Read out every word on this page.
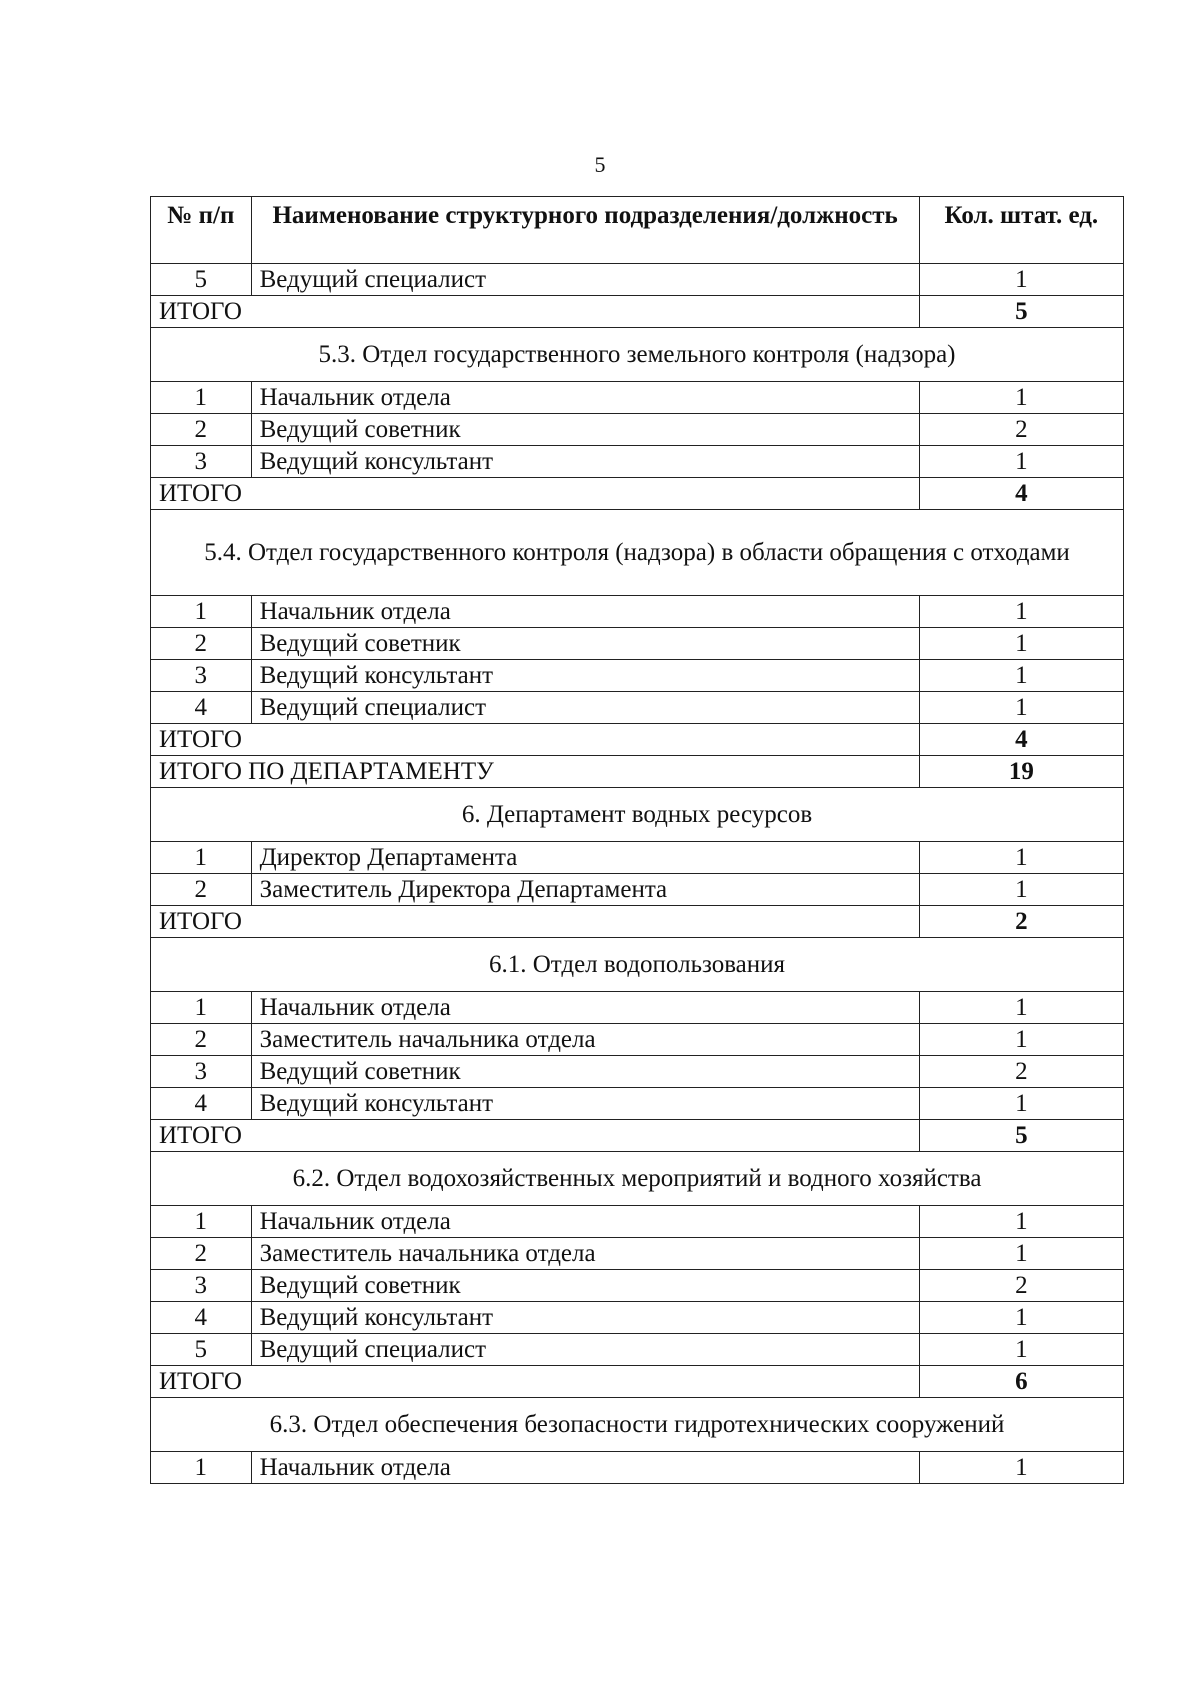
5
№ п/п	Наименование структурного подразделения/должность	Кол. штат. ед.
5	Ведущий специалист	1
ИТОГО		5
5.3. Отдел государственного земельного контроля (надзора)		
1	Начальник отдела	1
2	Ведущий советник	2
3	Ведущий консультант	1
ИТОГО		4
5.4. Отдел государственного контроля (надзора) в области обращения с отходами		
1	Начальник отдела	1
2	Ведущий советник	1
3	Ведущий консультант	1
4	Ведущий специалист	1
ИТОГО		4
ИТОГО ПО ДЕПАРТАМЕНТУ		19
6. Департамент водных ресурсов		
1	Директор Департамента	1
2	Заместитель Директора Департамента	1
ИТОГО		2
6.1. Отдел водопользования		
1	Начальник отдела	1
2	Заместитель начальника отдела	1
3	Ведущий советник	2
4	Ведущий консультант	1
ИТОГО		5
6.2. Отдел водохозяйственных мероприятий и водного хозяйства		
1	Начальник отдела	1
2	Заместитель начальника отдела	1
3	Ведущий советник	2
4	Ведущий консультант	1
5	Ведущий специалист	1
ИТОГО		6
6.3. Отдел обеспечения безопасности гидротехнических сооружений		
1	Начальник отдела	1
